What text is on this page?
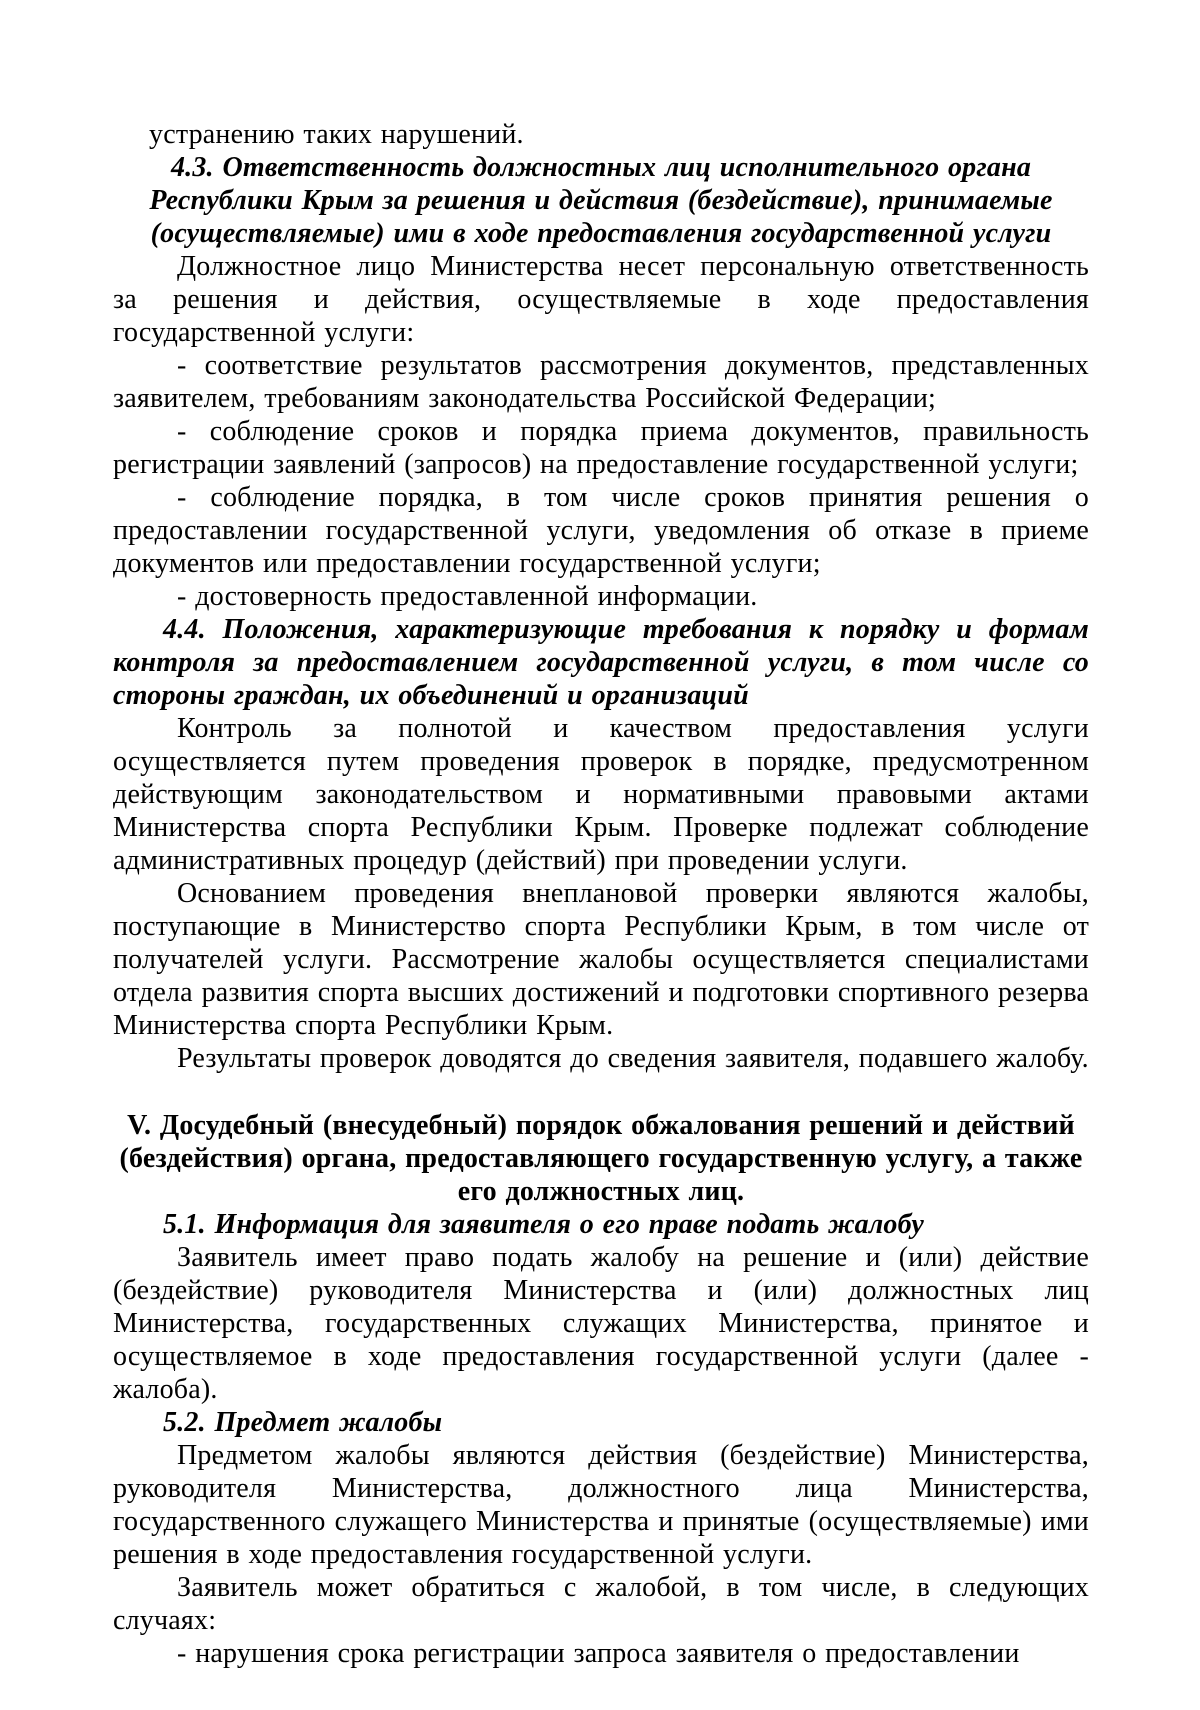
устранению таких нарушений.

4.3. Ответственность должностных лиц исполнительного органа Республики Крым за решения и действия (бездействие), принимаемые (осуществляемые) ими в ходе предоставления государственной услуги

Должностное лицо Министерства несет персональную ответственность за решения и действия, осуществляемые в ходе предоставления государственной услуги:

- соответствие результатов рассмотрения документов, представленных заявителем, требованиям законодательства Российской Федерации;

- соблюдение сроков и порядка приема документов, правильность регистрации заявлений (запросов) на предоставление государственной услуги;

- соблюдение порядка, в том числе сроков принятия решения о предоставлении государственной услуги, уведомления об отказе в приеме документов или предоставлении государственной услуги;

- достоверность предоставленной информации.

4.4. Положения, характеризующие требования к порядку и формам контроля за предоставлением государственной услуги, в том числе со стороны граждан, их объединений и организаций

Контроль за полнотой и качеством предоставления услуги осуществляется путем проведения проверок в порядке, предусмотренном действующим законодательством и нормативными правовыми актами Министерства спорта Республики Крым. Проверке подлежат соблюдение административных процедур (действий) при проведении услуги.

Основанием проведения внеплановой проверки являются жалобы, поступающие в Министерство спорта Республики Крым, в том числе от получателей услуги. Рассмотрение жалобы осуществляется специалистами отдела развития спорта высших достижений и подготовки спортивного резерва Министерства спорта Республики Крым.

Результаты проверок доводятся до сведения заявителя, подавшего жалобу.

V. Досудебный (внесудебный) порядок обжалования решений и действий (бездействия) органа, предоставляющего государственную услугу, а также его должностных лиц.

5.1. Информация для заявителя о его праве подать жалобу

Заявитель имеет право подать жалобу на решение и (или) действие (бездействие) руководителя Министерства и (или) должностных лиц Министерства, государственных служащих Министерства, принятое и осуществляемое в ходе предоставления государственной услуги (далее - жалоба).

5.2. Предмет жалобы

Предметом жалобы являются действия (бездействие) Министерства, руководителя Министерства, должностного лица Министерства, государственного служащего Министерства и принятые (осуществляемые) ими решения в ходе предоставления государственной услуги.

Заявитель может обратиться с жалобой, в том числе, в следующих случаях:

- нарушения срока регистрации запроса заявителя о предоставлении
